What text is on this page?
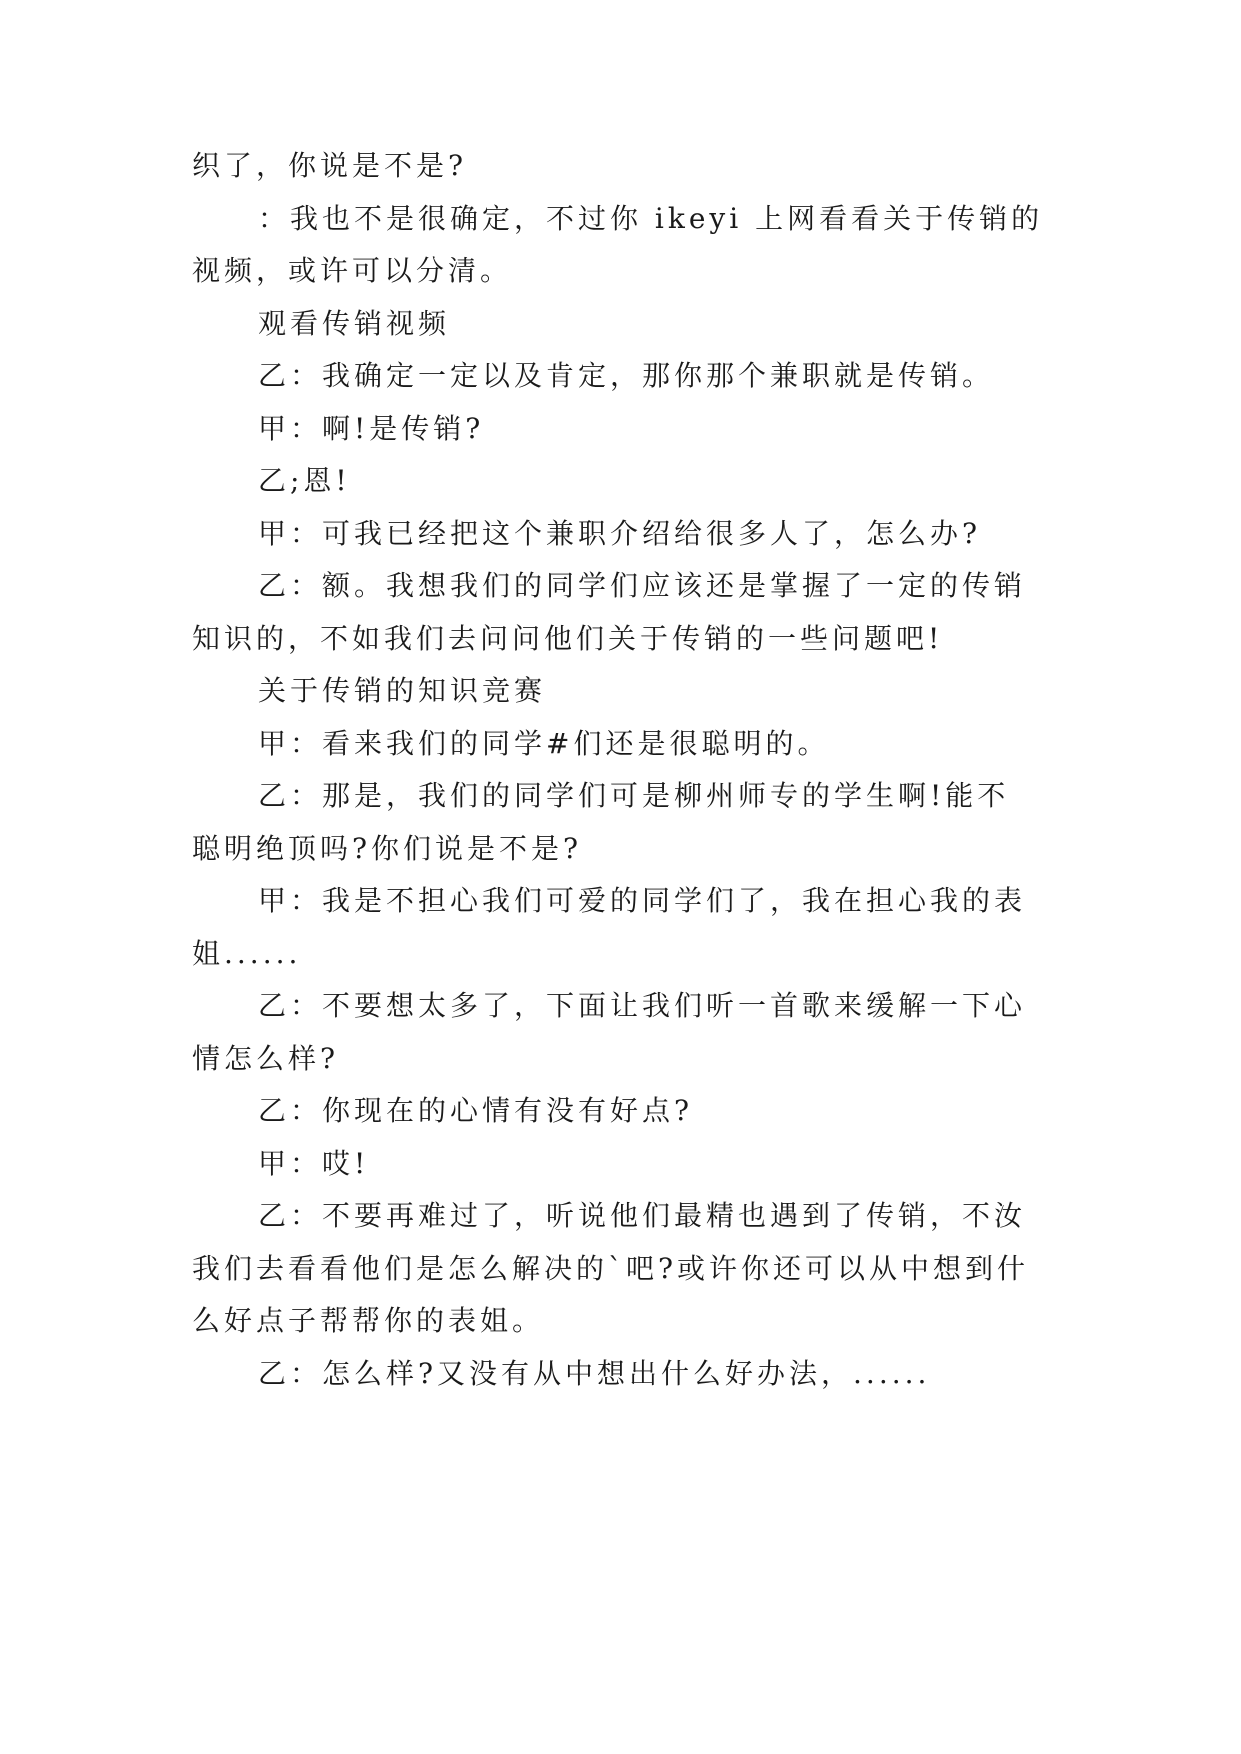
织了，你说是不是?
：我也不是很确定，不过你 ikeyi 上网看看关于传销的
视频，或许可以分清。
观看传销视频
乙：我确定一定以及肯定，那你那个兼职就是传销。
甲：啊!是传销?
乙;恩!
甲：可我已经把这个兼职介绍给很多人了，怎么办?
乙：额。我想我们的同学们应该还是掌握了一定的传销
知识的，不如我们去问问他们关于传销的一些问题吧!
关于传销的知识竞赛
甲：看来我们的同学#们还是很聪明的。
乙：那是，我们的同学们可是柳州师专的学生啊!能不
聪明绝顶吗?你们说是不是?
甲：我是不担心我们可爱的同学们了，我在担心我的表
姐......
乙：不要想太多了，下面让我们听一首歌来缓解一下心
情怎么样?
乙：你现在的心情有没有好点?
甲：哎!
乙：不要再难过了，听说他们最精也遇到了传销，不汝
我们去看看他们是怎么解决的`吧?或许你还可以从中想到什
么好点子帮帮你的表姐。
乙：怎么样?又没有从中想出什么好办法，......
